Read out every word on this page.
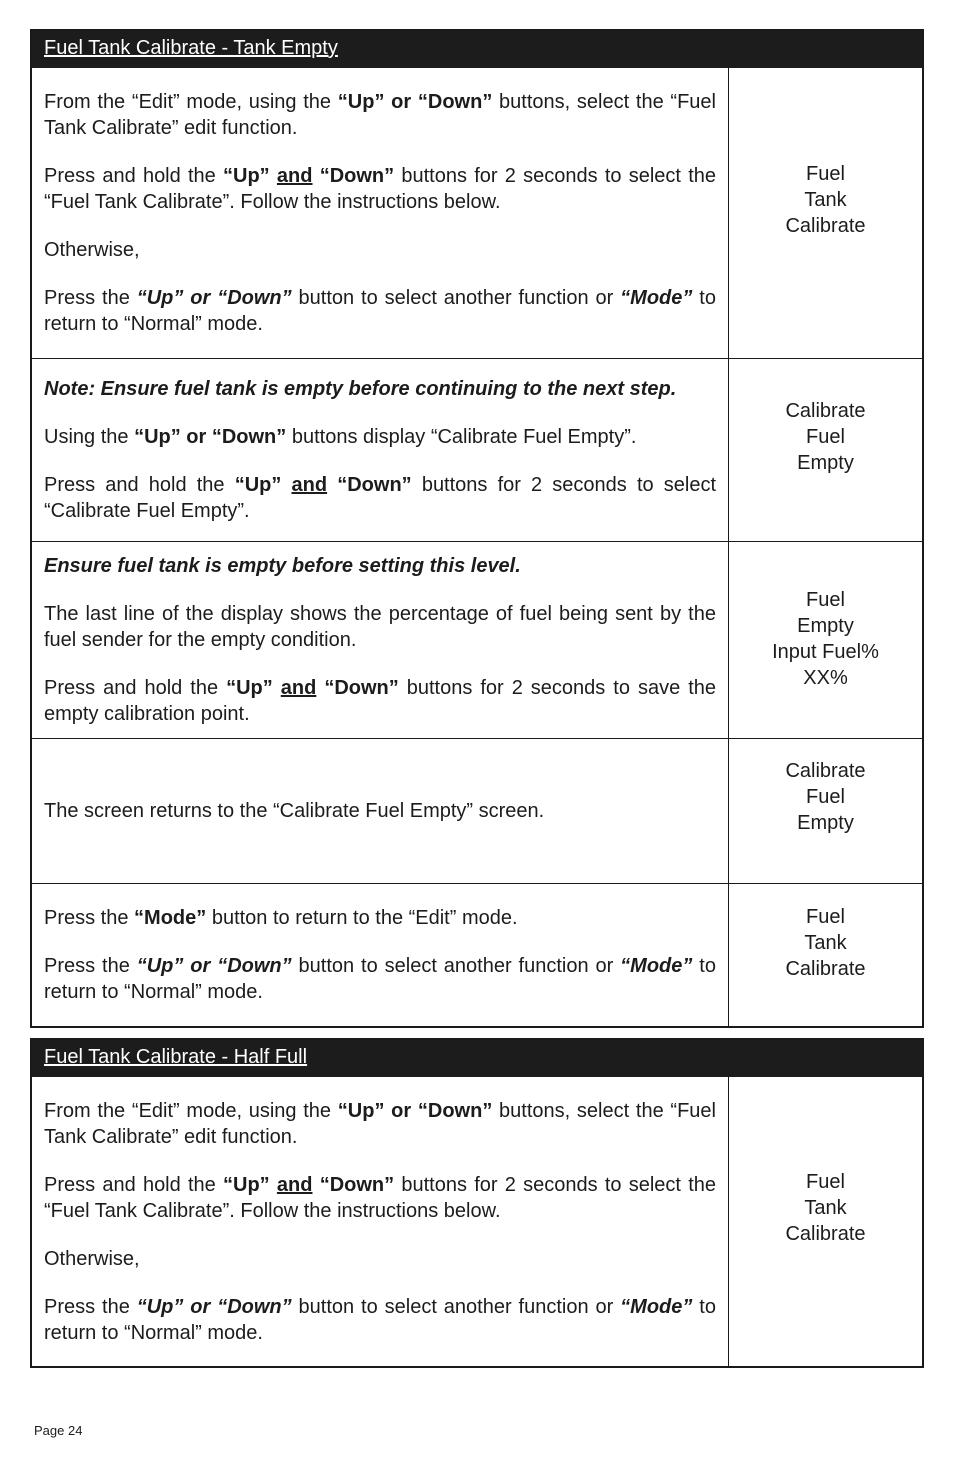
Fuel Tank Calibrate - Tank Empty

From the “Edit” mode, using the “Up” or “Down” buttons, select the “Fuel Tank Calibrate” edit function.

Press and hold the “Up” and “Down” buttons for 2 seconds to select the “Fuel Tank Calibrate”. Follow the instructions below.

Otherwise,

Press the “Up” or “Down” button to select another function or “Mode” to return to “Normal” mode.

Fuel
Tank
Calibrate

Note: Ensure fuel tank is empty before continuing to the next step.

Using the “Up” or “Down” buttons display “Calibrate Fuel Empty”.

Press and hold the “Up” and “Down” buttons for 2 seconds to select “Calibrate Fuel Empty”.

Calibrate
Fuel
Empty

Ensure fuel tank is empty before setting this level.

The last line of the display shows the percentage of fuel being sent by the fuel sender for the empty condition.

Press and hold the “Up” and “Down” buttons for 2 seconds to save the empty calibration point.

Fuel
Empty
Input Fuel%
XX%

The screen returns to the “Calibrate Fuel Empty” screen.

Calibrate
Fuel
Empty

Press the “Mode” button to return to the “Edit” mode.

Press the “Up” or “Down” button to select another function or “Mode” to return to “Normal” mode.

Fuel
Tank
Calibrate
Fuel Tank Calibrate - Half Full

From the “Edit” mode, using the “Up” or “Down” buttons, select the “Fuel Tank Calibrate” edit function.

Press and hold the “Up” and “Down” buttons for 2 seconds to select the “Fuel Tank Calibrate”. Follow the instructions below.

Otherwise,

Press the “Up” or “Down” button to select another function or “Mode” to return to “Normal” mode.

Fuel
Tank
Calibrate
Page 24
